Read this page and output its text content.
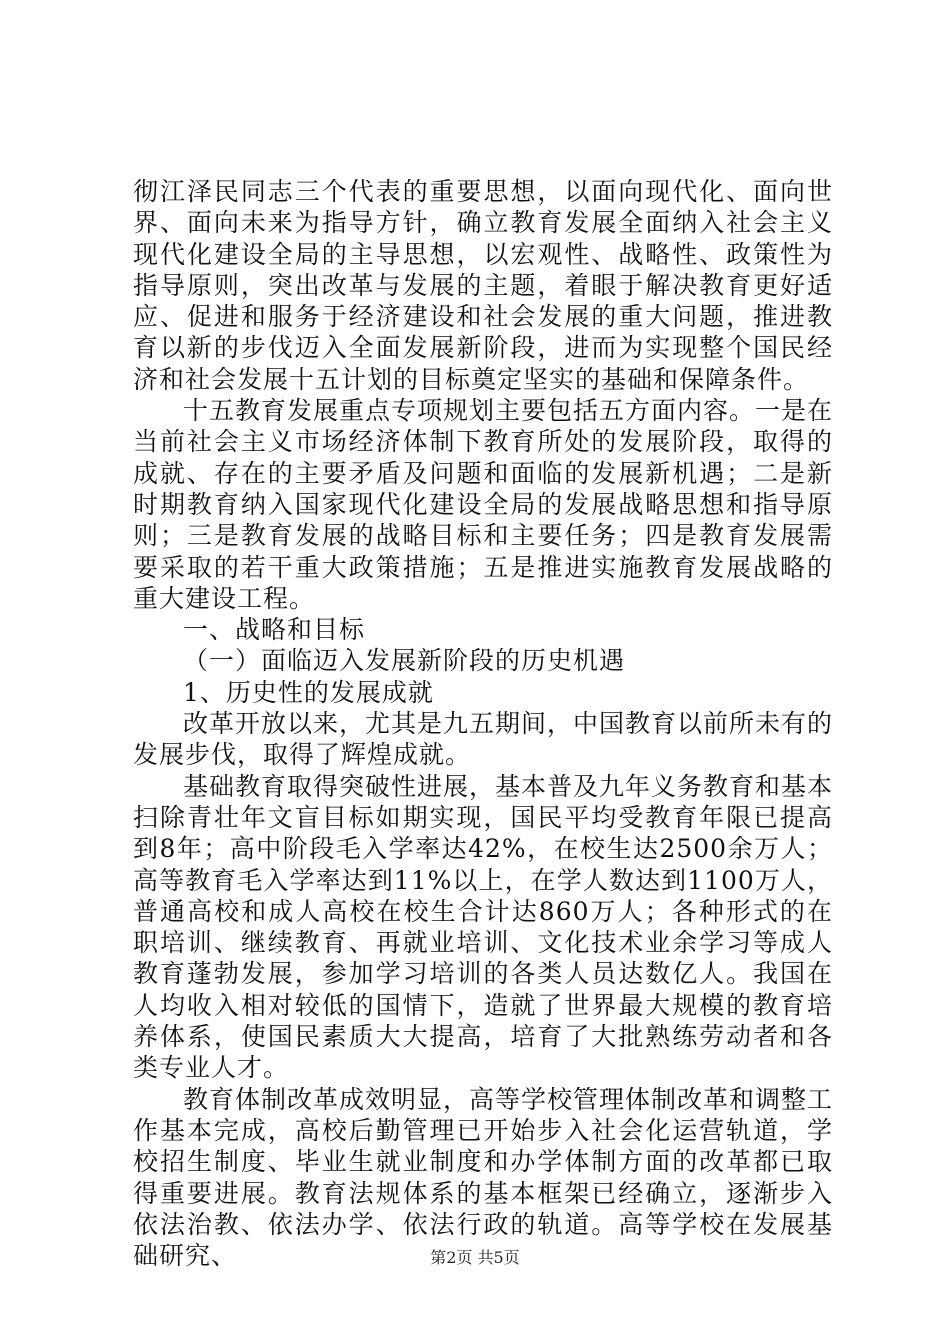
彻江泽民同志三个代表的重要思想，以面向现代化、面向世界、面向未来为指导方针，确立教育发展全面纳入社会主义现代化建设全局的主导思想，以宏观性、战略性、政策性为指导原则，突出改革与发展的主题，着眼于解决教育更好适应、促进和服务于经济建设和社会发展的重大问题，推进教育以新的步伐迈入全面发展新阶段，进而为实现整个国民经济和社会发展十五计划的目标奠定坚实的基础和保障条件。

十五教育发展重点专项规划主要包括五方面内容。一是在当前社会主义市场经济体制下教育所处的发展阶段，取得的成就、存在的主要矛盾及问题和面临的发展新机遇；二是新时期教育纳入国家现代化建设全局的发展战略思想和指导原则；三是教育发展的战略目标和主要任务；四是教育发展需要采取的若干重大政策措施；五是推进实施教育发展战略的重大建设工程。

一、战略和目标

（一）面临迈入发展新阶段的历史机遇

1、历史性的发展成就

改革开放以来，尤其是九五期间，中国教育以前所未有的发展步伐，取得了辉煌成就。

基础教育取得突破性进展，基本普及九年义务教育和基本扫除青壮年文盲目标如期实现，国民平均受教育年限已提高到8年；高中阶段毛入学率达42%，在校生达2500余万人；高等教育毛入学率达到11%以上，在学人数达到1100万人，普通高校和成人高校在校生合计达860万人；各种形式的在职培训、继续教育、再就业培训、文化技术业余学习等成人教育蓬勃发展，参加学习培训的各类人员达数亿人。我国在人均收入相对较低的国情下，造就了世界最大规模的教育培养体系，使国民素质大大提高，培育了大批熟练劳动者和各类专业人才。

教育体制改革成效明显，高等学校管理体制改革和调整工作基本完成，高校后勤管理已开始步入社会化运营轨道，学校招生制度、毕业生就业制度和办学体制方面的改革都已取得重要进展。教育法规体系的基本框架已经确立，逐渐步入依法治教、依法办学、依法行政的轨道。高等学校在发展基础研究、	第2页 共5页
